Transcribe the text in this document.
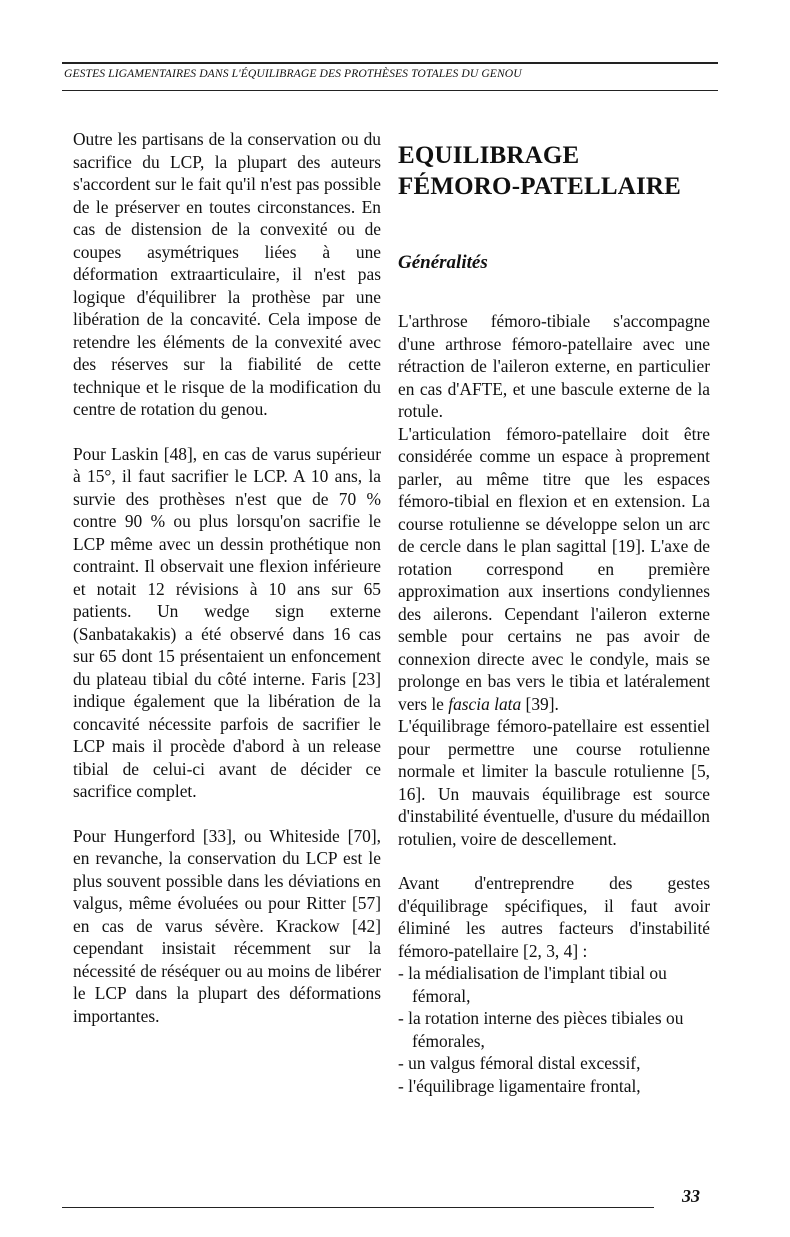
GESTES LIGAMENTAIRES DANS L'ÉQUILIBRAGE DES PROTHÈSES TOTALES DU GENOU

Outre les partisans de la conservation ou du sacrifice du LCP, la plupart des auteurs s'accordent sur le fait qu'il n'est pas possible de le préserver en toutes circonstances. En cas de distension de la convexité ou de coupes asymétriques liées à une déformation extraarticulaire, il n'est pas logique d'équilibrer la prothèse par une libération de la concavité. Cela impose de retendre les éléments de la convexité avec des réserves sur la fiabilité de cette technique et le risque de la modification du centre de rotation du genou.

Pour Laskin [48], en cas de varus supérieur à 15°, il faut sacrifier le LCP. A 10 ans, la survie des prothèses n'est que de 70 % contre 90 % ou plus lorsqu'on sacrifie le LCP même avec un dessin prothétique non contraint. Il observait une flexion inférieure et notait 12 révisions à 10 ans sur 65 patients. Un wedge sign externe (Sanbatakakis) a été observé dans 16 cas sur 65 dont 15 présentaient un enfoncement du plateau tibial du côté interne. Faris [23] indique également que la libération de la concavité nécessite parfois de sacrifier le LCP mais il procède d'abord à un release tibial de celui-ci avant de décider ce sacrifice complet.

Pour Hungerford [33], ou Whiteside [70], en revanche, la conservation du LCP est le plus souvent possible dans les déviations en valgus, même évoluées ou pour Ritter [57] en cas de varus sévère. Krackow [42] cependant insistait récemment sur la nécessité de réséquer ou au moins de libérer le LCP dans la plupart des déformations importantes.

EQUILIBRAGE
FÉMORO-PATELLAIRE
Généralités

L'arthrose fémoro-tibiale s'accompagne d'une arthrose fémoro-patellaire avec une rétraction de l'aileron externe, en particulier en cas d'AFTE, et une bascule externe de la rotule.

L'articulation fémoro-patellaire doit être considérée comme un espace à proprement parler, au même titre que les espaces fémoro-tibial en flexion et en extension. La course rotulienne se développe selon un arc de cercle dans le plan sagittal [19]. L'axe de rotation correspond en première approximation aux insertions condyliennes des ailerons. Cependant l'aileron externe semble pour certains ne pas avoir de connexion directe avec le condyle, mais se prolonge en bas vers le tibia et latéralement vers le fascia lata [39].

L'équilibrage fémoro-patellaire est essentiel pour permettre une course rotulienne normale et limiter la bascule rotulienne [5, 16]. Un mauvais équilibrage est source d'instabilité éventuelle, d'usure du médaillon rotulien, voire de descellement.

Avant d'entreprendre des gestes d'équilibrage spécifiques, il faut avoir éliminé les autres facteurs d'instabilité fémoro-patellaire [2, 3, 4] :

- la médialisation de l'implant tibial ou fémoral,
- la rotation interne des pièces tibiales ou fémorales,
- un valgus fémoral distal excessif,
- l'équilibrage ligamentaire frontal,
33
